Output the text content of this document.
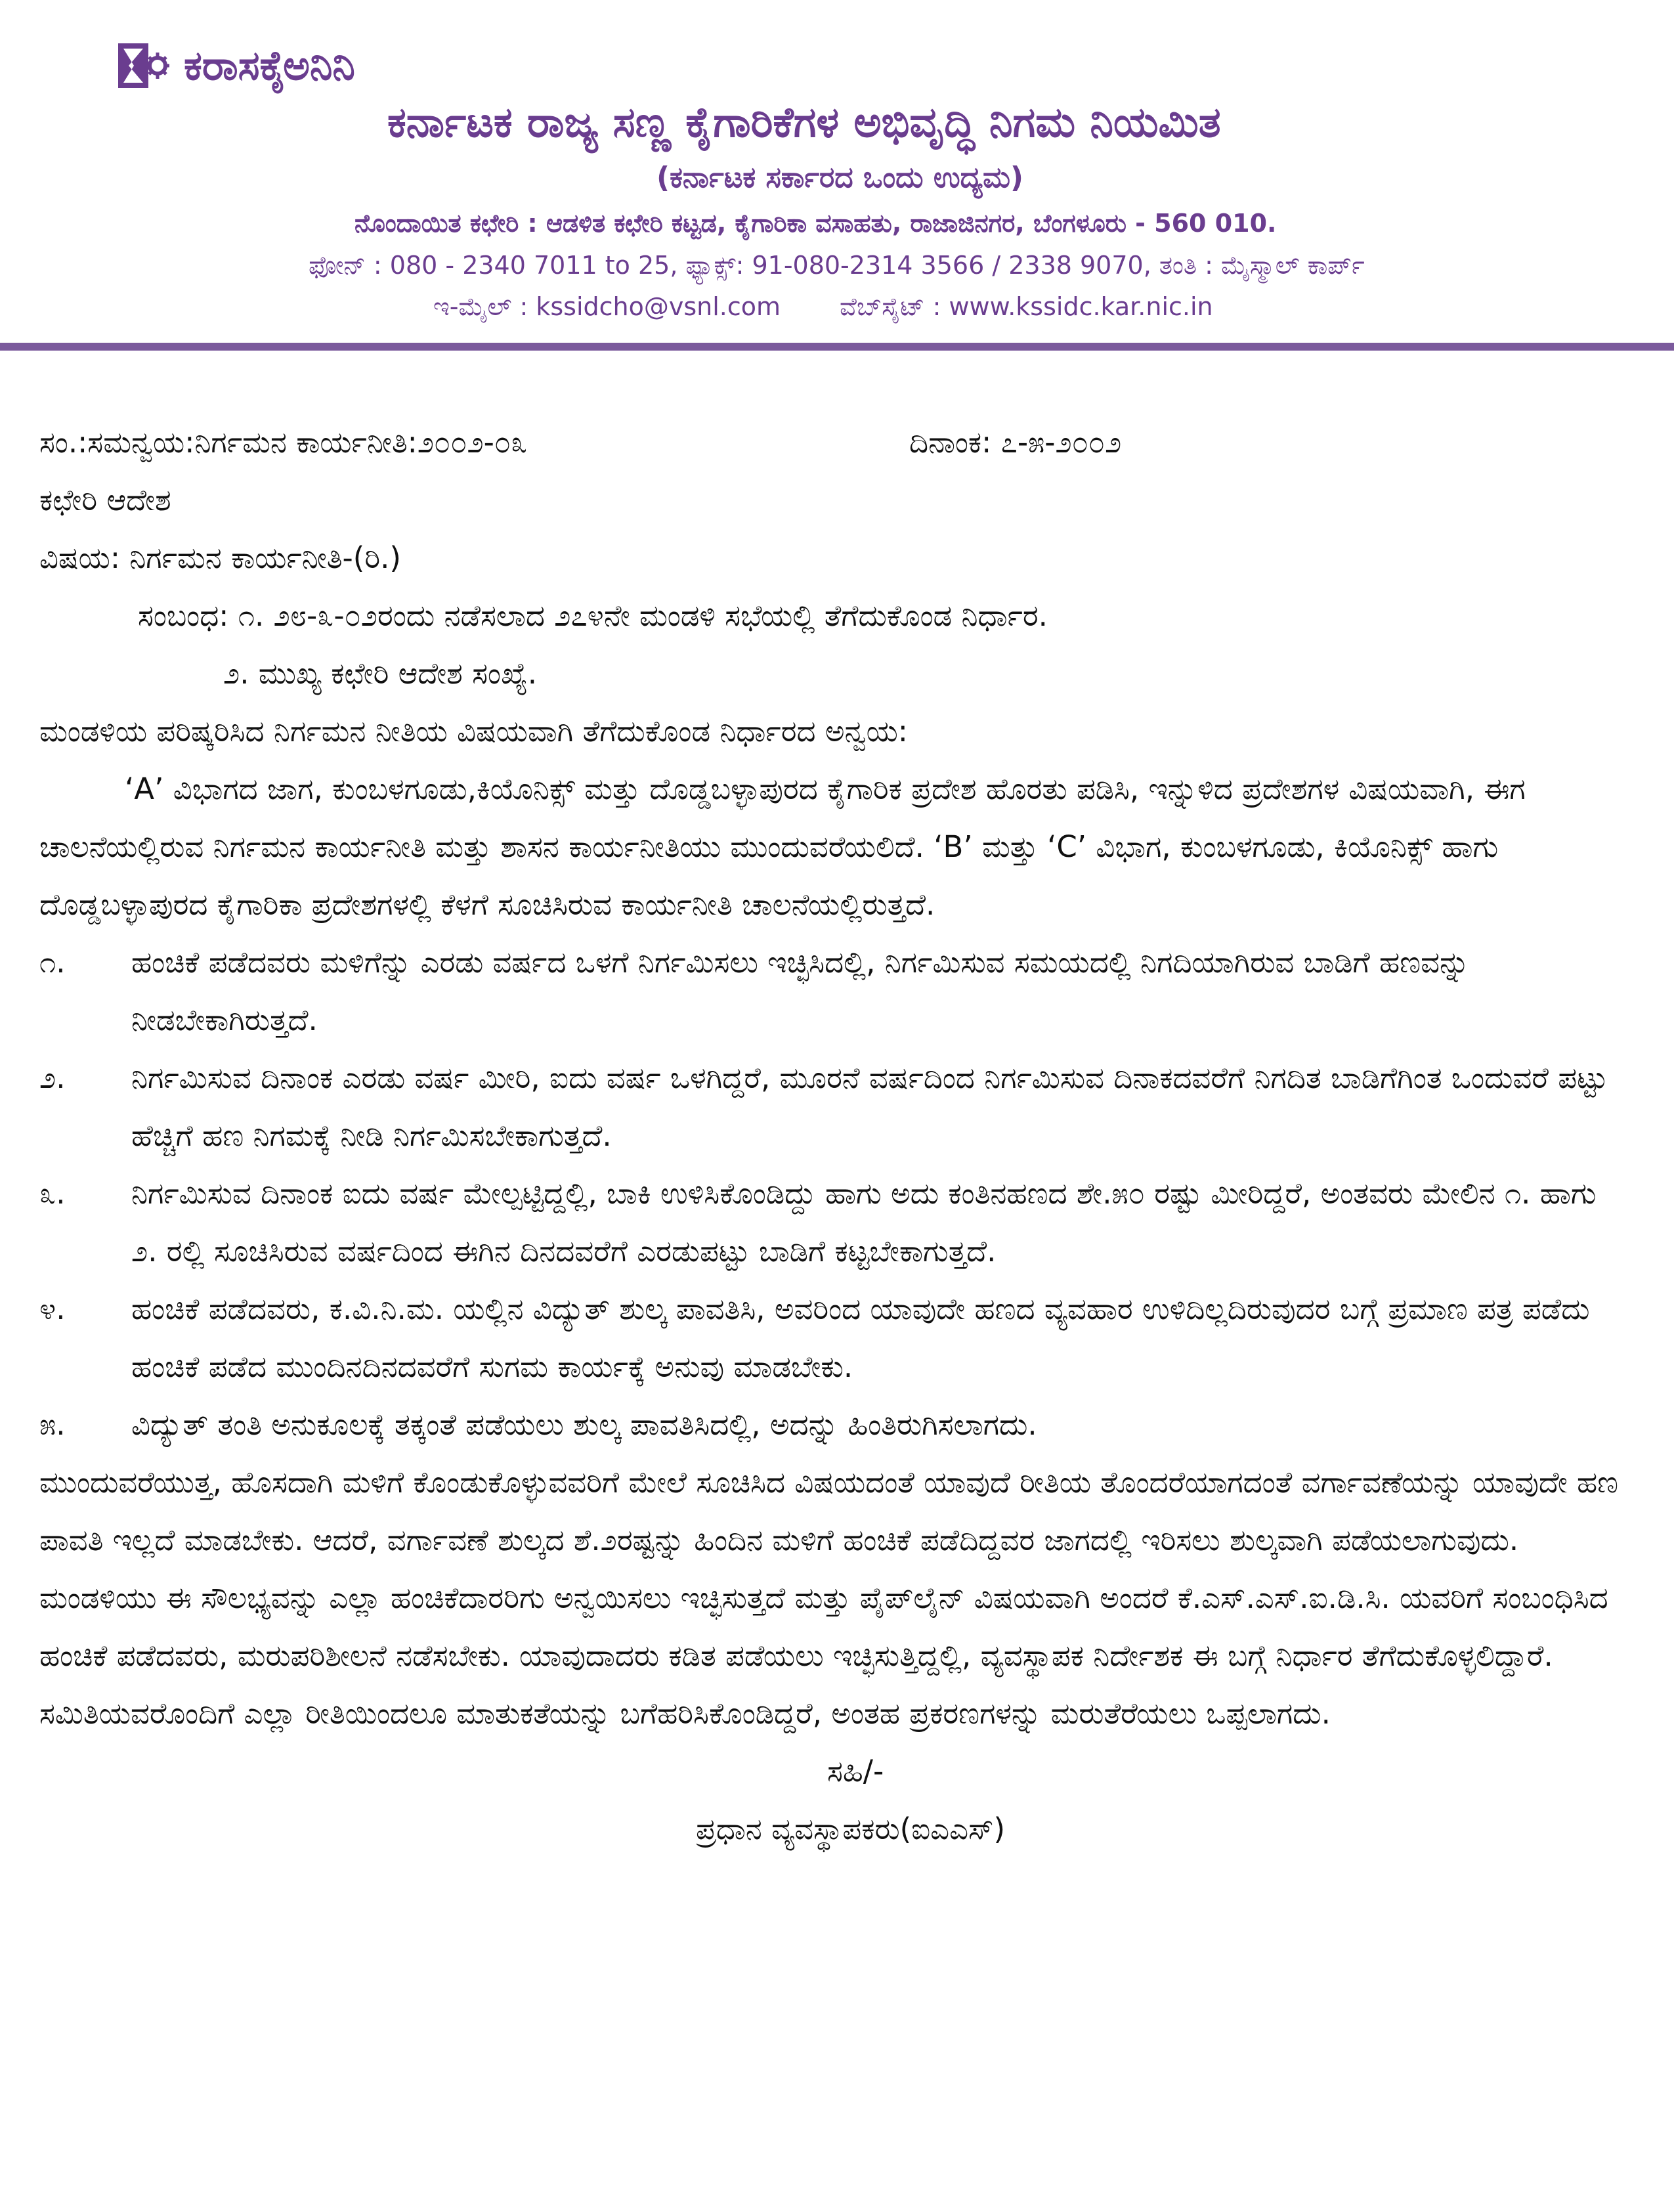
ಕರಾಸಕೈಅನಿನಿ
ಕರ್ನಾಟಕ ರಾಜ್ಯ ಸಣ್ಣ ಕೈಗಾರಿಕೆಗಳ ಅಭಿವೃದ್ಧಿ ನಿಗಮ ನಿಯಮಿತ
(ಕರ್ನಾಟಕ ಸರ್ಕಾರದ ಒಂದು ಉದ್ಯಮ)
ನೊಂದಾಯಿತ ಕಛೇರಿ : ಆಡಳಿತ ಕಛೇರಿ ಕಟ್ಟಡ, ಕೈಗಾರಿಕಾ ವಸಾಹತು, ರಾಜಾಜಿನಗರ, ಬೆಂಗಳೂರು - 560 010.
ಫೋನ್ : 080 - 2340 7011 to 25, ಫ್ಯಾಕ್ಸ್: 91-080-2314 3566 / 2338 9070, ತಂತಿ : ಮೈಸ್ಮಾಲ್ ಕಾರ್ಪ್
ಇ-ಮೈಲ್ : kssidcho@vsnl.com ವೆಬ್‌ಸೈಟ್ : www.kssidc.kar.nic.in
ಸಂ.:ಸಮನ್ವಯ:ನಿರ್ಗಮನ ಕಾರ್ಯನೀತಿ:೨೦೦೨-೦೩	ದಿನಾಂಕ: ೭-೫-೨೦೦೨
ಕಛೇರಿ ಆದೇಶ
ವಿಷಯ: ನಿರ್ಗಮನ ಕಾರ್ಯನೀತಿ-(ರಿ.)
ಸಂಬಂಧ: ೧. ೨೮-೩-೦೨ರಂದು ನಡೆಸಲಾದ ೨೭೪ನೇ ಮಂಡಳಿ ಸಭೆಯಲ್ಲಿ ತೆಗೆದುಕೊಂಡ ನಿರ್ಧಾರ.
೨. ಮುಖ್ಯ ಕಛೇರಿ ಆದೇಶ ಸಂಖ್ಯೆ.
ಮಂಡಳಿಯ ಪರಿಷ್ಕರಿಸಿದ ನಿರ್ಗಮನ ನೀತಿಯ ವಿಷಯವಾಗಿ ತೆಗೆದುಕೊಂಡ ನಿರ್ಧಾರದ ಅನ್ವಯ:
‘A’ ವಿಭಾಗದ ಜಾಗ, ಕುಂಬಳಗೂಡು,ಕಿಯೊನಿಕ್ಸ್ ಮತ್ತು ದೊಡ್ಡಬಳ್ಳಾಪುರದ ಕೈಗಾರಿಕ ಪ್ರದೇಶ ಹೊರತು ಪಡಿಸಿ, ಇನ್ನುಳಿದ ಪ್ರದೇಶಗಳ ವಿಷಯವಾಗಿ, ಈಗ ಚಾಲನೆಯಲ್ಲಿರುವ ನಿರ್ಗಮನ ಕಾರ್ಯನೀತಿ ಮತ್ತು ಶಾಸನ ಕಾರ್ಯನೀತಿಯು ಮುಂದುವರೆಯಲಿದೆ. ‘B’ ಮತ್ತು ‘C’ ವಿಭಾಗ, ಕುಂಬಳಗೂಡು, ಕಿಯೊನಿಕ್ಸ್ ಹಾಗು ದೊಡ್ಡಬಳ್ಳಾಪುರದ ಕೈಗಾರಿಕಾ ಪ್ರದೇಶಗಳಲ್ಲಿ ಕೆಳಗೆ ಸೂಚಿಸಿರುವ ಕಾರ್ಯನೀತಿ ಚಾಲನೆಯಲ್ಲಿರುತ್ತದೆ.
೧.	ಹಂಚಿಕೆ ಪಡೆದವರು ಮಳಿಗೆನ್ನು ಎರಡು ವರ್ಷದ ಒಳಗೆ ನಿರ್ಗಮಿಸಲು ಇಚ್ಛಿಸಿದಲ್ಲಿ, ನಿರ್ಗಮಿಸುವ ಸಮಯದಲ್ಲಿ ನಿಗದಿಯಾಗಿರುವ ಬಾಡಿಗೆ ಹಣವನ್ನು ನೀಡಬೇಕಾಗಿರುತ್ತದೆ.
೨.	ನಿರ್ಗಮಿಸುವ ದಿನಾಂಕ ಎರಡು ವರ್ಷ ಮೀರಿ, ಐದು ವರ್ಷ ಒಳಗಿದ್ದರೆ, ಮೂರನೆ ವರ್ಷದಿಂದ ನಿರ್ಗಮಿಸುವ ದಿನಾಕದವರೆಗೆ ನಿಗದಿತ ಬಾಡಿಗೆಗಿಂತ ಒಂದುವರೆ ಪಟ್ಟು ಹೆಚ್ಚಿಗೆ ಹಣ ನಿಗಮಕ್ಕೆ ನೀಡಿ ನಿರ್ಗಮಿಸಬೇಕಾಗುತ್ತದೆ.
೩.	ನಿರ್ಗಮಿಸುವ ದಿನಾಂಕ ಐದು ವರ್ಷ ಮೇಲ್ಪಟ್ಟಿದ್ದಲ್ಲಿ, ಬಾಕಿ ಉಳಿಸಿಕೊಂಡಿದ್ದು ಹಾಗು ಅದು ಕಂತಿನಹಣದ ಶೇ.೫೦ ರಷ್ಟು ಮೀರಿದ್ದರೆ, ಅಂತವರು ಮೇಲಿನ ೧. ಹಾಗು ೨. ರಲ್ಲಿ ಸೂಚಿಸಿರುವ ವರ್ಷದಿಂದ ಈಗಿನ ದಿನದವರೆಗೆ ಎರಡುಪಟ್ಟು ಬಾಡಿಗೆ ಕಟ್ಟಬೇಕಾಗುತ್ತದೆ.
೪.	ಹಂಚಿಕೆ ಪಡೆದವರು, ಕ.ವಿ.ನಿ.ಮ. ಯಲ್ಲಿನ ವಿದ್ಯುತ್ ಶುಲ್ಕ ಪಾವತಿಸಿ, ಅವರಿಂದ ಯಾವುದೇ ಹಣದ ವ್ಯವಹಾರ ಉಳಿದಿಲ್ಲದಿರುವುದರ ಬಗ್ಗೆ ಪ್ರಮಾಣ ಪತ್ರ ಪಡೆದು ಹಂಚಿಕೆ ಪಡೆದ ಮುಂದಿನದಿನದವರೆಗೆ ಸುಗಮ ಕಾರ್ಯಕ್ಕೆ ಅನುವು ಮಾಡಬೇಕು.
೫.	ವಿದ್ಯುತ್ ತಂತಿ ಅನುಕೂಲಕ್ಕೆ ತಕ್ಕಂತೆ ಪಡೆಯಲು ಶುಲ್ಕ ಪಾವತಿಸಿದಲ್ಲಿ, ಅದನ್ನು ಹಿಂತಿರುಗಿಸಲಾಗದು.
ಮುಂದುವರೆಯುತ್ತ, ಹೊಸದಾಗಿ ಮಳಿಗೆ ಕೊಂಡುಕೊಳ್ಳುವವರಿಗೆ ಮೇಲೆ ಸೂಚಿಸಿದ ವಿಷಯದಂತೆ ಯಾವುದೆ ರೀತಿಯ ತೊಂದರೆಯಾಗದಂತೆ ವರ್ಗಾವಣೆಯನ್ನು ಯಾವುದೇ ಹಣ ಪಾವತಿ ಇಲ್ಲದೆ ಮಾಡಬೇಕು. ಆದರೆ, ವರ್ಗಾವಣೆ ಶುಲ್ಕದ ಶೆ.೨ರಷ್ಟನ್ನು ಹಿಂದಿನ ಮಳಿಗೆ ಹಂಚಿಕೆ ಪಡೆದಿದ್ದವರ ಜಾಗದಲ್ಲಿ ಇರಿಸಲು ಶುಲ್ಕವಾಗಿ ಪಡೆಯಲಾಗುವುದು. ಮಂಡಳಿಯು ಈ ಸೌಲಭ್ಯವನ್ನು ಎಲ್ಲಾ ಹಂಚಿಕೆದಾರರಿಗು ಅನ್ವಯಿಸಲು ಇಚ್ಛಿಸುತ್ತದೆ ಮತ್ತು ಪೈಪ್‌ಲೈನ್ ವಿಷಯವಾಗಿ ಅಂದರೆ ಕೆ.ಎಸ್.ಎಸ್.ಐ.ಡಿ.ಸಿ. ಯವರಿಗೆ ಸಂಬಂಧಿಸಿದ ಹಂಚಿಕೆ ಪಡೆದವರು, ಮರುಪರಿಶೀಲನೆ ನಡೆಸಬೇಕು. ಯಾವುದಾದರು ಕಡಿತ ಪಡೆಯಲು ಇಚ್ಛಿಸುತ್ತಿದ್ದಲ್ಲಿ, ವ್ಯವಸ್ಥಾಪಕ ನಿರ್ದೇಶಕ ಈ ಬಗ್ಗೆ ನಿರ್ಧಾರ ತೆಗೆದುಕೊಳ್ಳಲಿದ್ದಾರೆ. ಸಮಿತಿಯವರೊಂದಿಗೆ ಎಲ್ಲಾ ರೀತಿಯಿಂದಲೂ ಮಾತುಕತೆಯನ್ನು ಬಗೆಹರಿಸಿಕೊಂಡಿದ್ದರೆ, ಅಂತಹ ಪ್ರಕರಣಗಳನ್ನು ಮರುತೆರೆಯಲು ಒಪ್ಪಲಾಗದು.
ಸಹಿ/-
ಪ್ರಧಾನ ವ್ಯವಸ್ಥಾಪಕರು(ಐಎಎಸ್)
